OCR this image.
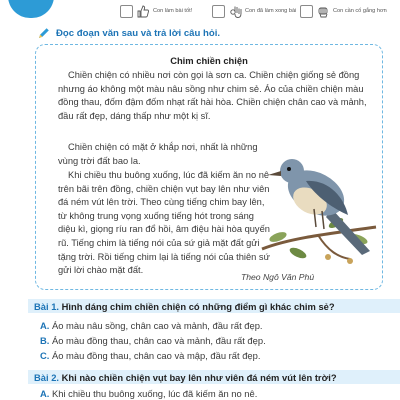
Con làm bài tốt!	Con đã làm xong bài	Con cần cố gắng hơn
Đọc đoạn văn sau và trả lời câu hỏi.
Chim chiền chiện
Chiền chiện có nhiều nơi còn gọi là sơn ca. Chiền chiện giống sẻ đồng nhưng áo không một màu nâu sồng như chim sẻ. Áo của chiền chiện màu đồng thau, đốm đậm đốm nhạt rất hài hòa. Chiền chiện chân cao và mảnh, đầu rất đẹp, dáng thấp như một kị sĩ.
Chiền chiện có mặt ở khắp nơi, nhất là những vùng trời đất bao la.
Khi chiều thu buông xuống, lúc đã kiếm ăn no nê trên bãi trên đồng, chiền chiện vụt bay lên như viên đá ném vút lên trời. Theo cùng tiếng chim bay lên, từ không trung vọng xuống tiếng hót trong sáng diệu kì, giọng ríu ran đổ hồi, âm điệu hài hòa quyến rũ. Tiếng chim là tiếng nói của sứ giả mặt đất gửi tặng trời. Rồi tiếng chim lại là tiếng nói của thiên sứ gửi lời chào mặt đất.
Theo Ngô Văn Phú
Bài 1. Hình dáng chim chiền chiện có những điểm gì khác chim sẻ?
A. Áo màu nâu sồng, chân cao và mảnh, đầu rất đẹp.
B. Áo màu đồng thau, chân cao và mảnh, đầu rất đẹp.
C. Áo màu đồng thau, chân cao và mập, đầu rất đẹp.
Bài 2. Khi nào chiền chiện vụt bay lên như viên đá ném vút lên trời?
A. Khi chiều thu buông xuống, lúc đã kiếm ăn no nê.
